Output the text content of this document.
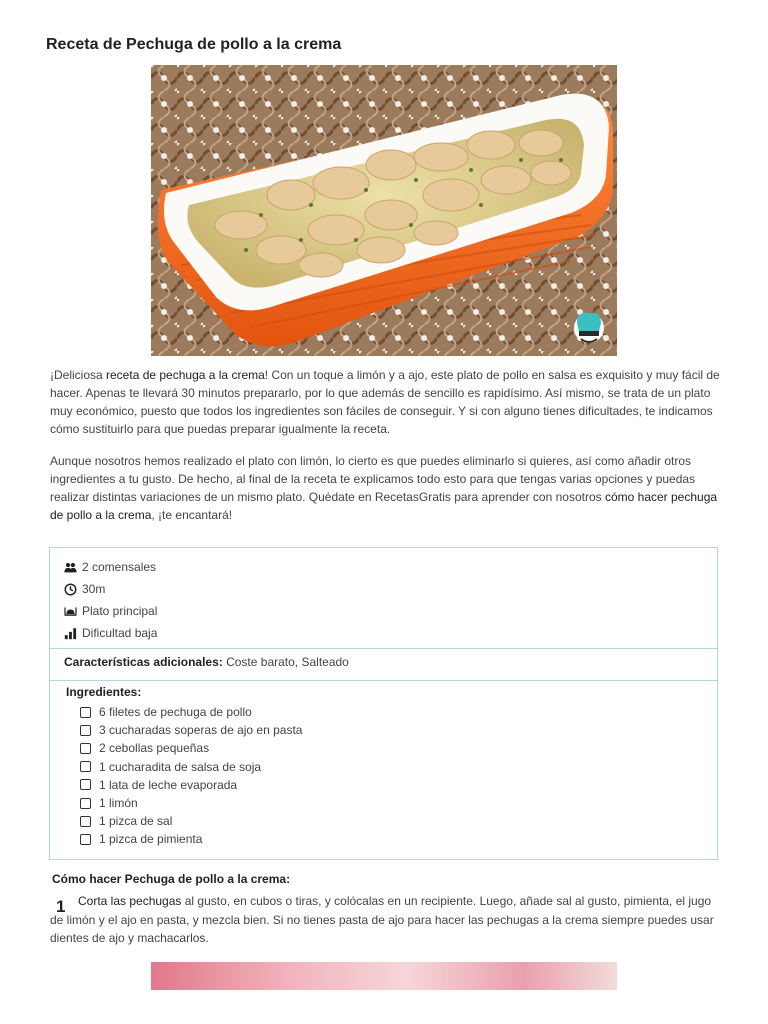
Receta de Pechuga de pollo a la crema

¡Deliciosa receta de pechuga a la crema! Con un toque a limón y a ajo, este plato de pollo en salsa es exquisito y muy fácil de hacer. Apenas te llevará 30 minutos prepararlo, por lo que además de sencillo es rapidísimo. Así mismo, se trata de un plato muy económico, puesto que todos los ingredientes son fáciles de conseguir. Y si con alguno tienes dificultades, te indicamos cómo sustituirlo para que puedas preparar igualmente la receta.

Aunque nosotros hemos realizado el plato con limón, lo cierto es que puedes eliminarlo si quieres, así como añadir otros ingredientes a tu gusto. De hecho, al final de la receta te explicamos todo esto para que tengas varias opciones y puedas realizar distintas variaciones de un mismo plato. Quédate en RecetasGratis para aprender con nosotros cómo hacer pechuga de pollo a la crema, ¡te encantará!

2 comensales
30m
Plato principal
Dificultad baja
Características adicionales: Coste barato, Salteado
Ingredientes:
6 filetes de pechuga de pollo
3 cucharadas soperas de ajo en pasta
2 cebollas pequeñas
1 cucharadita de salsa de soja
1 lata de leche evaporada
1 limón
1 pizca de sal
1 pizca de pimienta
Cómo hacer Pechuga de pollo a la crema:
1	Corta las pechugas al gusto, en cubos o tiras, y colócalas en un recipiente. Luego, añade sal al gusto, pimienta, el jugo de limón y el ajo en pasta, y mezcla bien. Si no tienes pasta de ajo para hacer las pechugas a la crema siempre puedes usar dientes de ajo y machacarlos.
